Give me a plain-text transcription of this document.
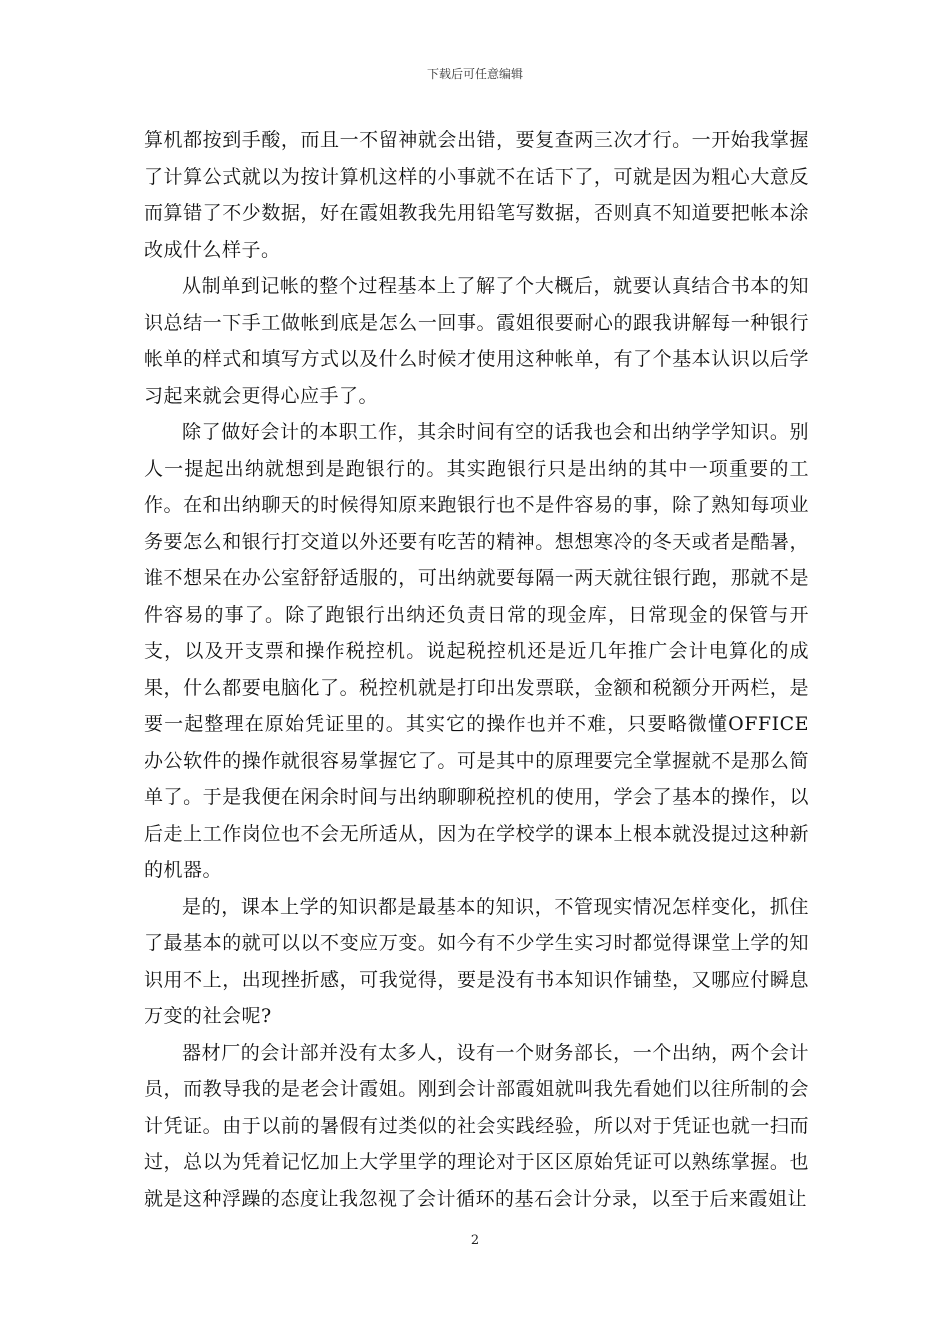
下载后可任意编辑

算机都按到手酸，而且一不留神就会出错，要复查两三次才行。一开始我掌握了计算公式就以为按计算机这样的小事就不在话下了，可就是因为粗心大意反而算错了不少数据，好在霞姐教我先用铅笔写数据，否则真不知道要把帐本涂改成什么样子。

从制单到记帐的整个过程基本上了解了个大概后，就要认真结合书本的知识总结一下手工做帐到底是怎么一回事。霞姐很要耐心的跟我讲解每一种银行帐单的样式和填写方式以及什么时候才使用这种帐单，有了个基本认识以后学习起来就会更得心应手了。

除了做好会计的本职工作，其余时间有空的话我也会和出纳学学知识。别人一提起出纳就想到是跑银行的。其实跑银行只是出纳的其中一项重要的工作。在和出纳聊天的时候得知原来跑银行也不是件容易的事，除了熟知每项业务要怎么和银行打交道以外还要有吃苦的精神。想想寒冷的冬天或者是酷暑，谁不想呆在办公室舒舒适服的，可出纳就要每隔一两天就往银行跑，那就不是件容易的事了。除了跑银行出纳还负责日常的现金库，日常现金的保管与开支，以及开支票和操作税控机。说起税控机还是近几年推广会计电算化的成果，什么都要电脑化了。税控机就是打印出发票联，金额和税额分开两栏，是要一起整理在原始凭证里的。其实它的操作也并不难，只要略微懂OFFICE办公软件的操作就很容易掌握它了。可是其中的原理要完全掌握就不是那么简单了。于是我便在闲余时间与出纳聊聊税控机的使用，学会了基本的操作，以后走上工作岗位也不会无所适从，因为在学校学的课本上根本就没提过这种新的机器。

是的，课本上学的知识都是最基本的知识，不管现实情况怎样变化，抓住了最基本的就可以以不变应万变。如今有不少学生实习时都觉得课堂上学的知识用不上，出现挫折感，可我觉得，要是没有书本知识作铺垫，又哪应付瞬息万变的社会呢?

器材厂的会计部并没有太多人，设有一个财务部长，一个出纳，两个会计员，而教导我的是老会计霞姐。刚到会计部霞姐就叫我先看她们以往所制的会计凭证。由于以前的暑假有过类似的社会实践经验，所以对于凭证也就一扫而过，总以为凭着记忆加上大学里学的理论对于区区原始凭证可以熟练掌握。也就是这种浮躁的态度让我忽视了会计循环的基石会计分录，以至于后来霞姐让

2
